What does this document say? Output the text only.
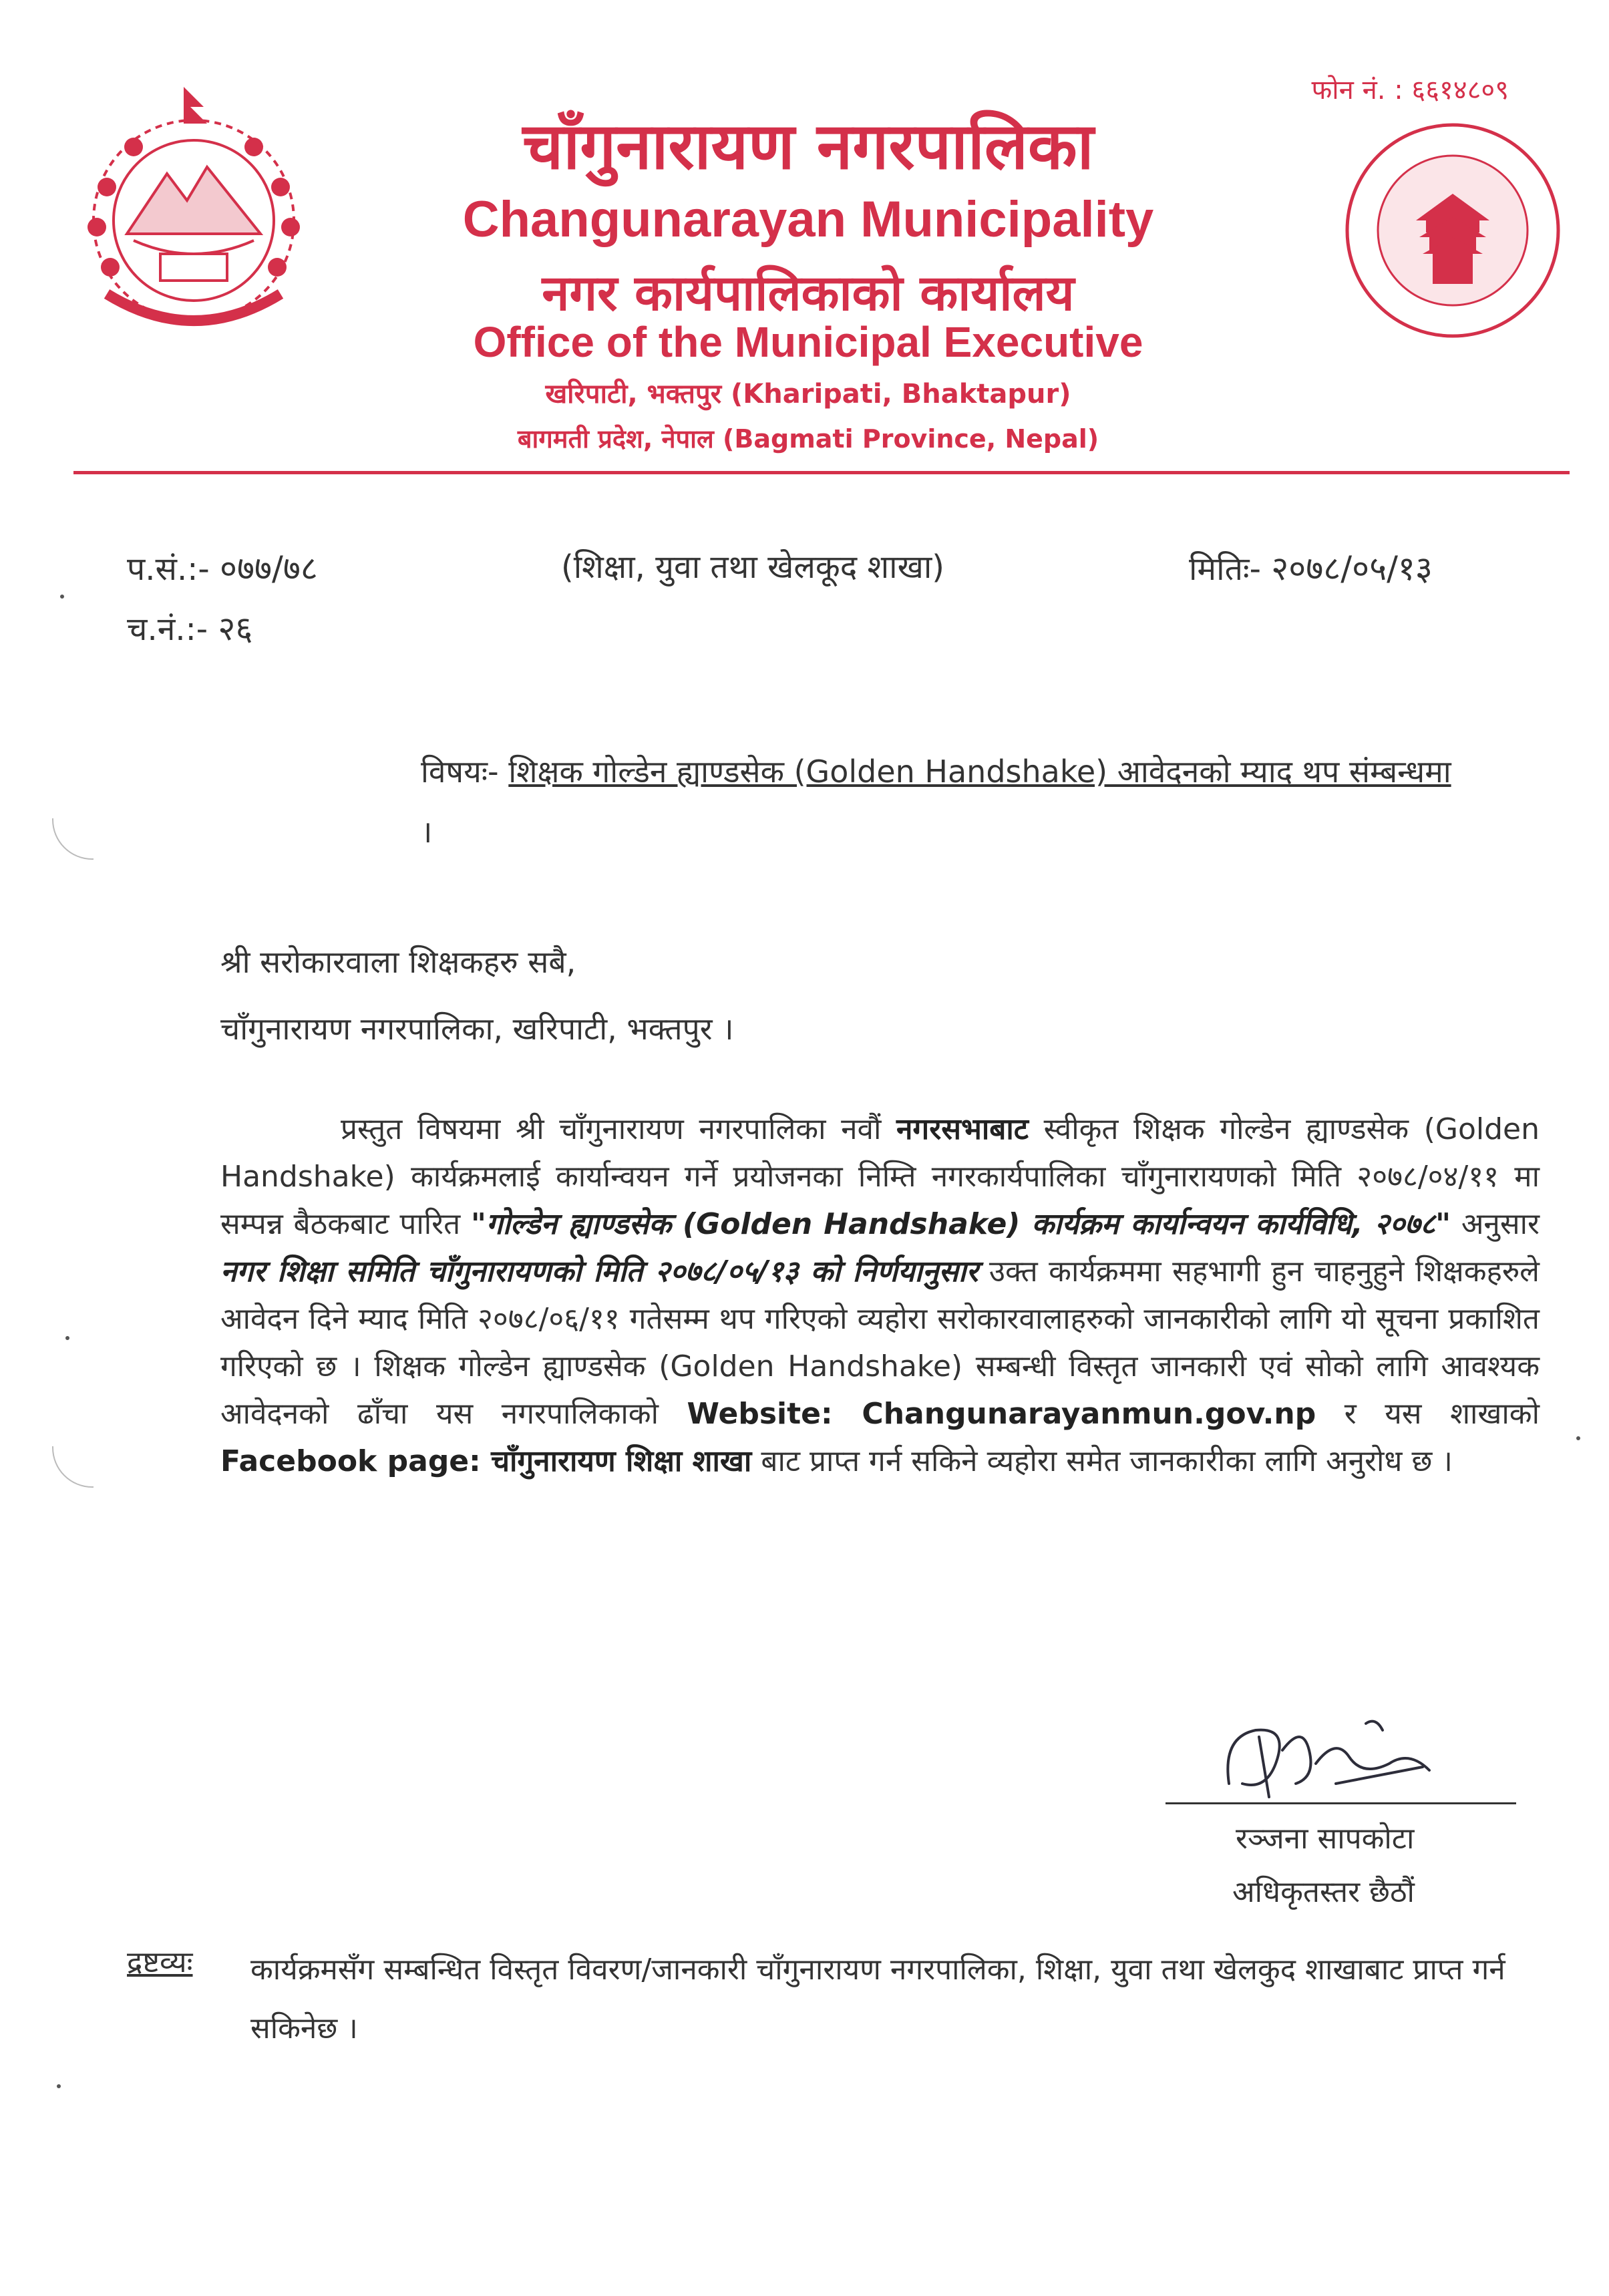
फोन नं. : ६६१४८०९
चाँगुनारायण नगरपालिका
Changunarayan Municipality
नगर कार्यपालिकाको कार्यालय
Office of the Municipal Executive
खरिपाटी, भक्तपुर (Kharipati, Bhaktapur)
बागमती प्रदेश, नेपाल (Bagmati Province, Nepal)
प.सं.:- ०७७/७८
च.नं.:- २६
(शिक्षा, युवा तथा खेलकूद शाखा)	मितिः- २०७८/०५/१३
विषयः- शिक्षक गोल्डेन ह्याण्डसेक (Golden Handshake) आवेदनको म्याद थप संम्बन्धमा ।
श्री सरोकारवाला शिक्षकहरु सबै,
चाँगुनारायण नगरपालिका, खरिपाटी, भक्तपुर ।
प्रस्तुत विषयमा श्री चाँगुनारायण नगरपालिका नवौं नगरसभाबाट स्वीकृत शिक्षक गोल्डेन ह्याण्डसेक (Golden Handshake) कार्यक्रमलाई कार्यान्वयन गर्ने प्रयोजनका निम्ति नगरकार्यपालिका चाँगुनारायणको मिति २०७८/०४/११ मा सम्पन्न बैठकबाट पारित "गोल्डेन ह्याण्डसेक (Golden Handshake) कार्यक्रम कार्यान्वयन कार्यविधि, २०७८" अनुसार नगर शिक्षा समिति चाँगुनारायणको मिति २०७८/०५/१३ को निर्णयानुसार उक्त कार्यक्रममा सहभागी हुन चाहनुहुने शिक्षकहरुले आवेदन दिने म्याद मिति २०७८/०६/११ गतेसम्म थप गरिएको व्यहोरा सरोकारवालाहरुको जानकारीको लागि यो सूचना प्रकाशित गरिएको छ । शिक्षक गोल्डेन ह्याण्डसेक (Golden Handshake) सम्बन्धी विस्तृत जानकारी एवं सोको लागि आवश्यक आवेदनको ढाँचा यस नगरपालिकाको Website: Changunarayanmun.gov.np र यस शाखाको Facebook page: चाँगुनारायण शिक्षा शाखा बाट प्राप्त गर्न सकिने व्यहोरा समेत जानकारीका लागि अनुरोध छ ।
रञ्जना सापकोटा
अधिकृतस्तर छैठौं
द्रष्टव्यः कार्यक्रमसँग सम्बन्धित विस्तृत विवरण/जानकारी चाँगुनारायण नगरपालिका, शिक्षा, युवा तथा खेलकुद शाखाबाट प्राप्त गर्न सकिनेछ ।
